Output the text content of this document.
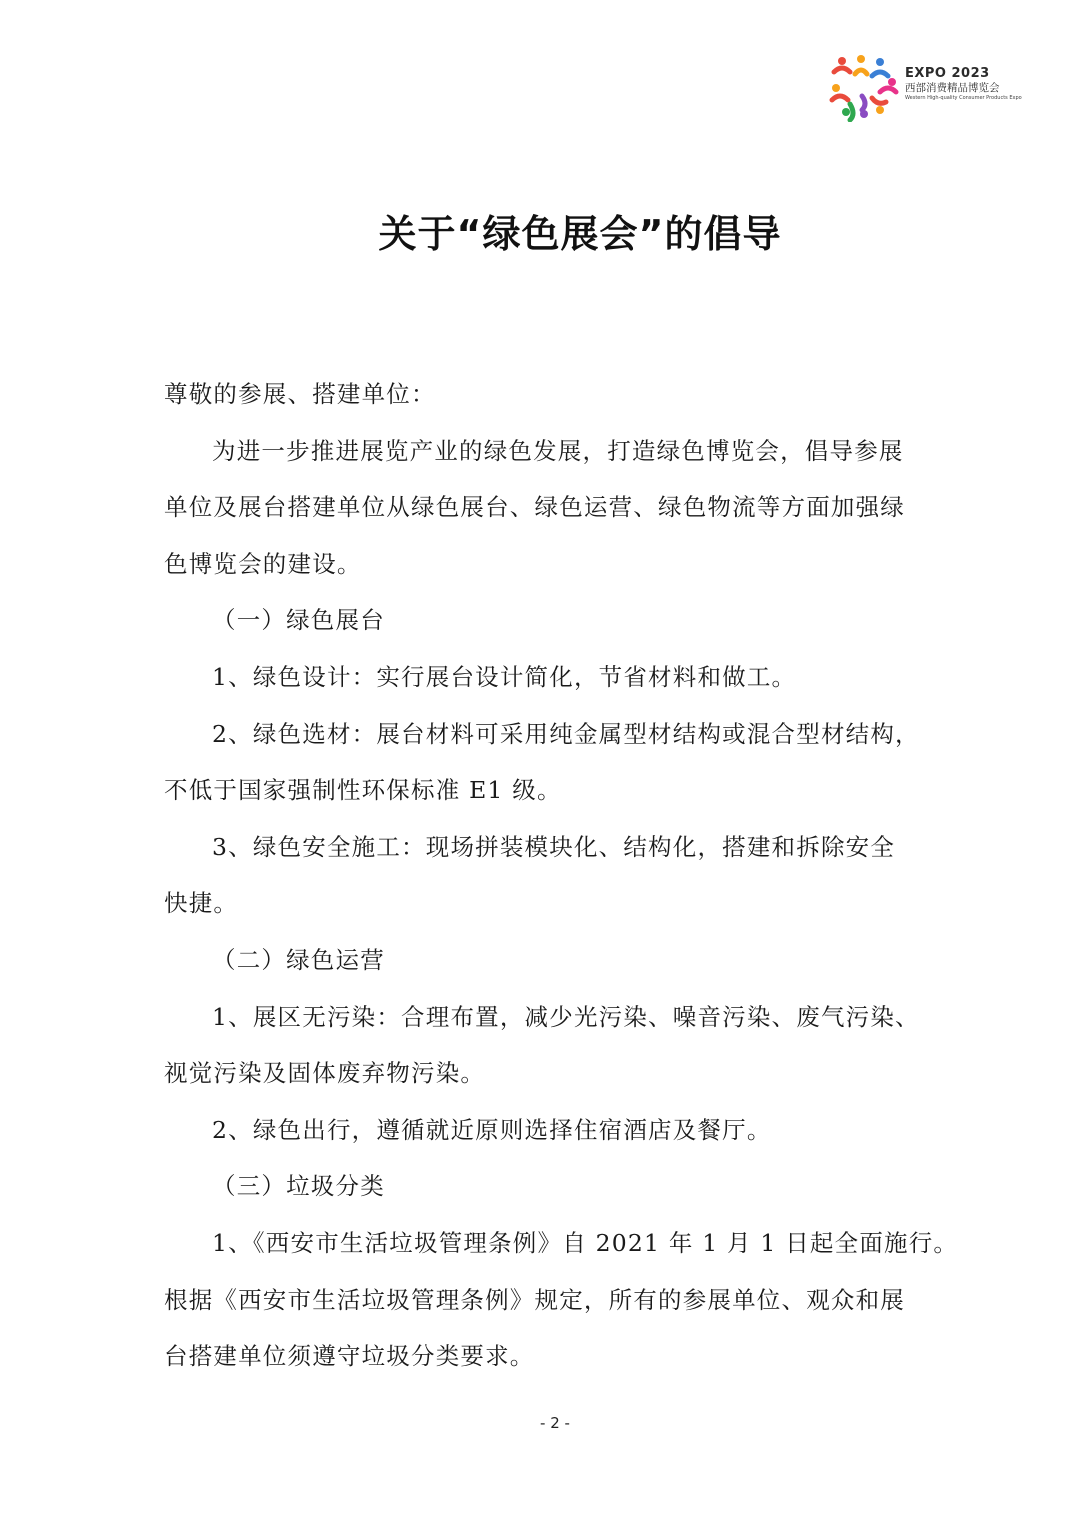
EXPO 2023
西部消费精品博览会
Western High-quality Consumer Products Expo
关于“绿色展会”的倡导

尊敬的参展、搭建单位：

为进一步推进展览产业的绿色发展，打造绿色博览会，倡导参展

单位及展台搭建单位从绿色展台、绿色运营、绿色物流等方面加强绿

色博览会的建设。

（一）绿色展台

1、绿色设计：实行展台设计简化，节省材料和做工。

2、绿色选材：展台材料可采用纯金属型材结构或混合型材结构，

不低于国家强制性环保标准 E1 级。

3、绿色安全施工：现场拼装模块化、结构化，搭建和拆除安全

快捷。

（二）绿色运营

1、展区无污染：合理布置，减少光污染、噪音污染、废气污染、

视觉污染及固体废弃物污染。

2、绿色出行，遵循就近原则选择住宿酒店及餐厅。

（三）垃圾分类

1、《西安市生活垃圾管理条例》自 2021 年 1 月 1 日起全面施行。

根据《西安市生活垃圾管理条例》规定，所有的参展单位、观众和展

台搭建单位须遵守垃圾分类要求。

- 2 -
